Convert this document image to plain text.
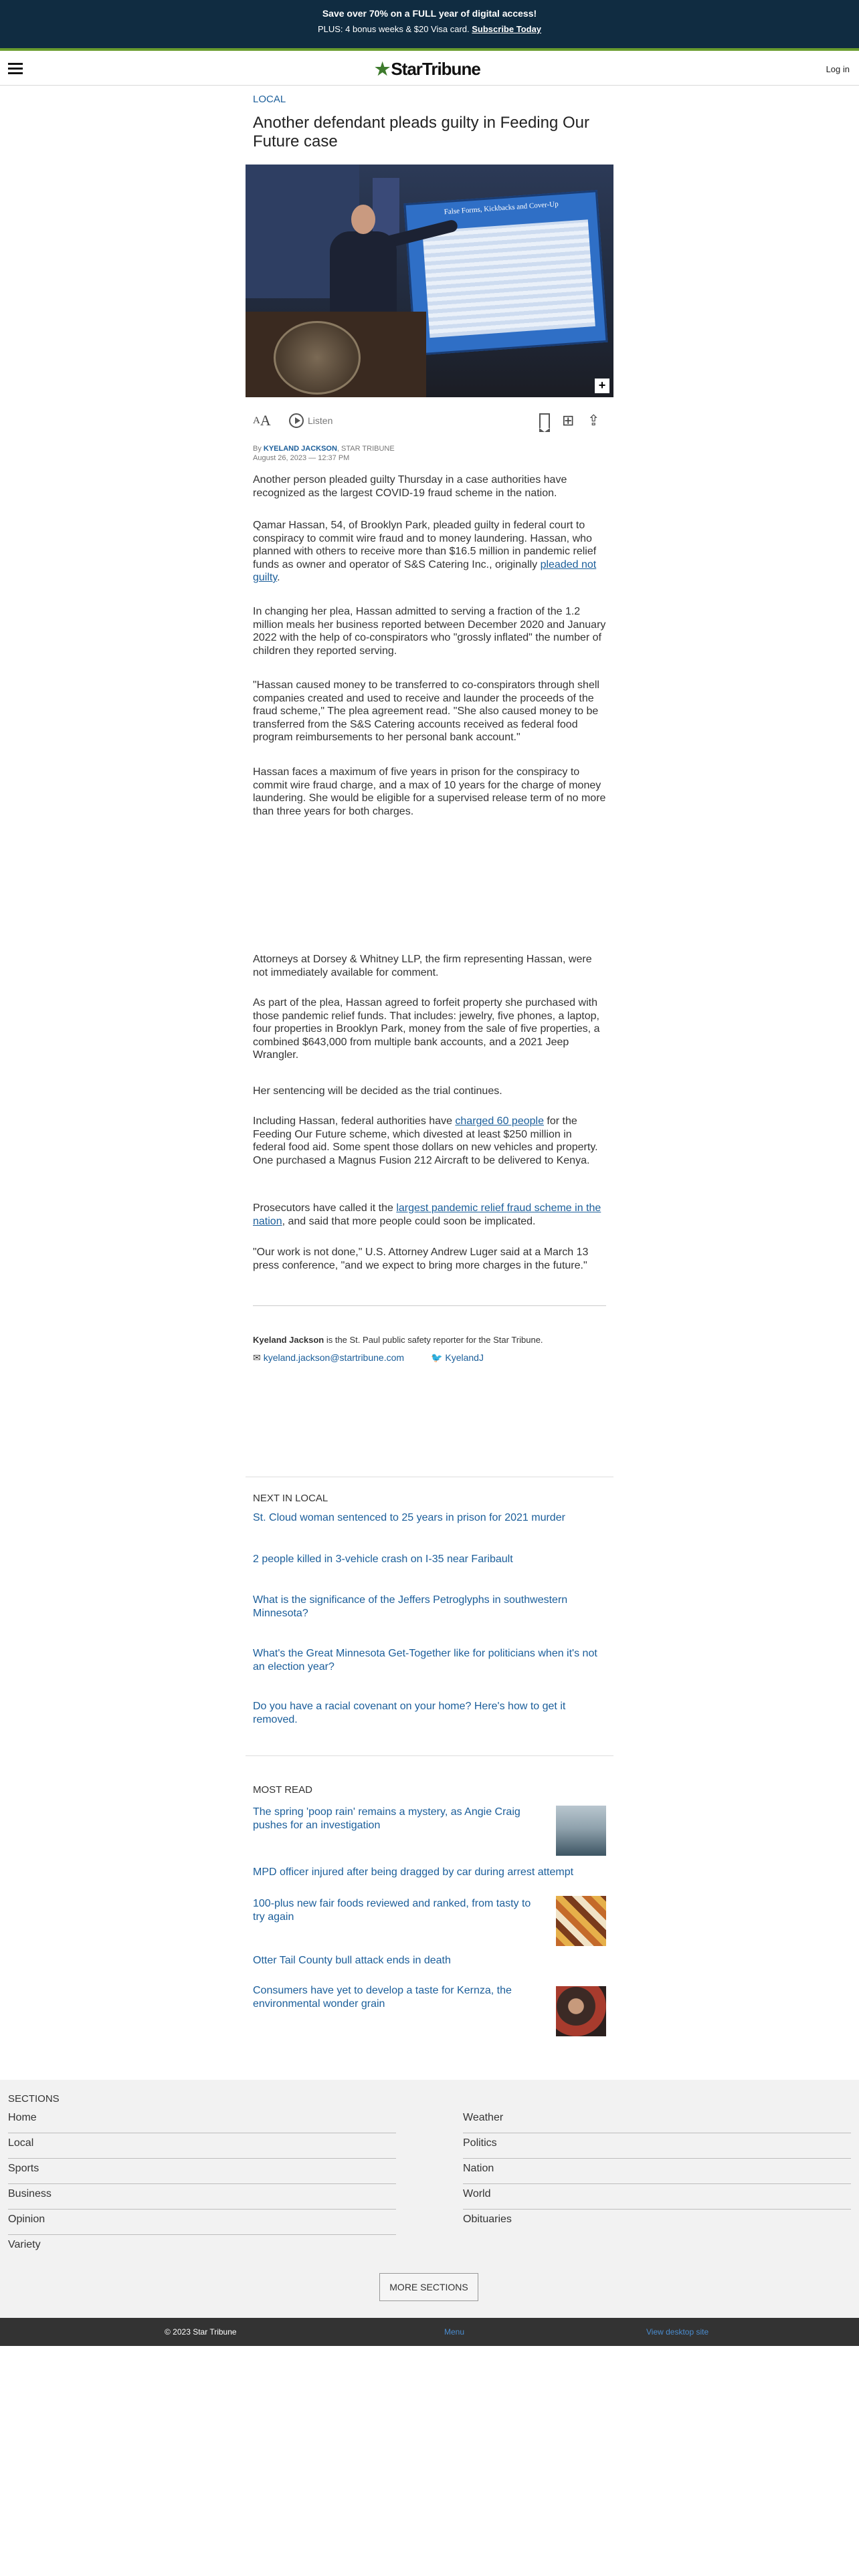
Save over 70% on a FULL year of digital access!
PLUS: 4 bonus weeks & $20 Visa card. Subscribe Today
★StarTribune	Log in
LOCAL
Another defendant pleads guilty in Feeding Our Future case
False Forms, Kickbacks and Cover-Up
+
A A	Listen	⊞ ⇪
By KYELAND JACKSON, STAR TRIBUNE
August 26, 2023 — 12:37 PM

Another person pleaded guilty Thursday in a case authorities have recognized as the largest COVID-19 fraud scheme in the nation.

Qamar Hassan, 54, of Brooklyn Park, pleaded guilty in federal court to conspiracy to commit wire fraud and to money laundering. Hassan, who planned with others to receive more than $16.5 million in pandemic relief funds as owner and operator of S&S Catering Inc., originally pleaded not guilty.

In changing her plea, Hassan admitted to serving a fraction of the 1.2 million meals her business reported between December 2020 and January 2022 with the help of co-conspirators who "grossly inflated" the number of children they reported serving.

"Hassan caused money to be transferred to co-conspirators through shell companies created and used to receive and launder the proceeds of the fraud scheme," The plea agreement read. "She also caused money to be transferred from the S&S Catering accounts received as federal food program reimbursements to her personal bank account."

Hassan faces a maximum of five years in prison for the conspiracy to commit wire fraud charge, and a max of 10 years for the charge of money laundering. She would be eligible for a supervised release term of no more than three years for both charges.

Attorneys at Dorsey & Whitney LLP, the firm representing Hassan, were not immediately available for comment.

As part of the plea, Hassan agreed to forfeit property she purchased with those pandemic relief funds. That includes: jewelry, five phones, a laptop, four properties in Brooklyn Park, money from the sale of five properties, a combined $643,000 from multiple bank accounts, and a 2021 Jeep Wrangler.

Her sentencing will be decided as the trial continues.

Including Hassan, federal authorities have charged 60 people for the Feeding Our Future scheme, which divested at least $250 million in federal food aid. Some spent those dollars on new vehicles and property. One purchased a Magnus Fusion 212 Aircraft to be delivered to Kenya.

Prosecutors have called it the largest pandemic relief fraud scheme in the nation, and said that more people could soon be implicated.

"Our work is not done," U.S. Attorney Andrew Luger said at a March 13 press conference, "and we expect to bring more charges in the future."

Kyeland Jackson is the St. Paul public safety reporter for the Star Tribune.

✉ kyeland.jackson@startribune.com	🐦 KyelandJ
NEXT IN LOCAL
St. Cloud woman sentenced to 25 years in prison for 2021 murder
2 people killed in 3-vehicle crash on I-35 near Faribault
What is the significance of the Jeffers Petroglyphs in southwestern Minnesota?
What's the Great Minnesota Get-Together like for politicians when it's not an election year?
Do you have a racial covenant on your home? Here's how to get it removed.
MOST READ
The spring 'poop rain' remains a mystery, as Angie Craig pushes for an investigation
MPD officer injured after being dragged by car during arrest attempt
100-plus new fair foods reviewed and ranked, from tasty to try again
Otter Tail County bull attack ends in death
Consumers have yet to develop a taste for Kernza, the environmental wonder grain
SECTIONS
Home
Local
Sports
Business
Opinion
Variety
Weather
Politics
Nation
World
Obituaries
MORE SECTIONS
© 2023 Star Tribune	Menu	View desktop site
